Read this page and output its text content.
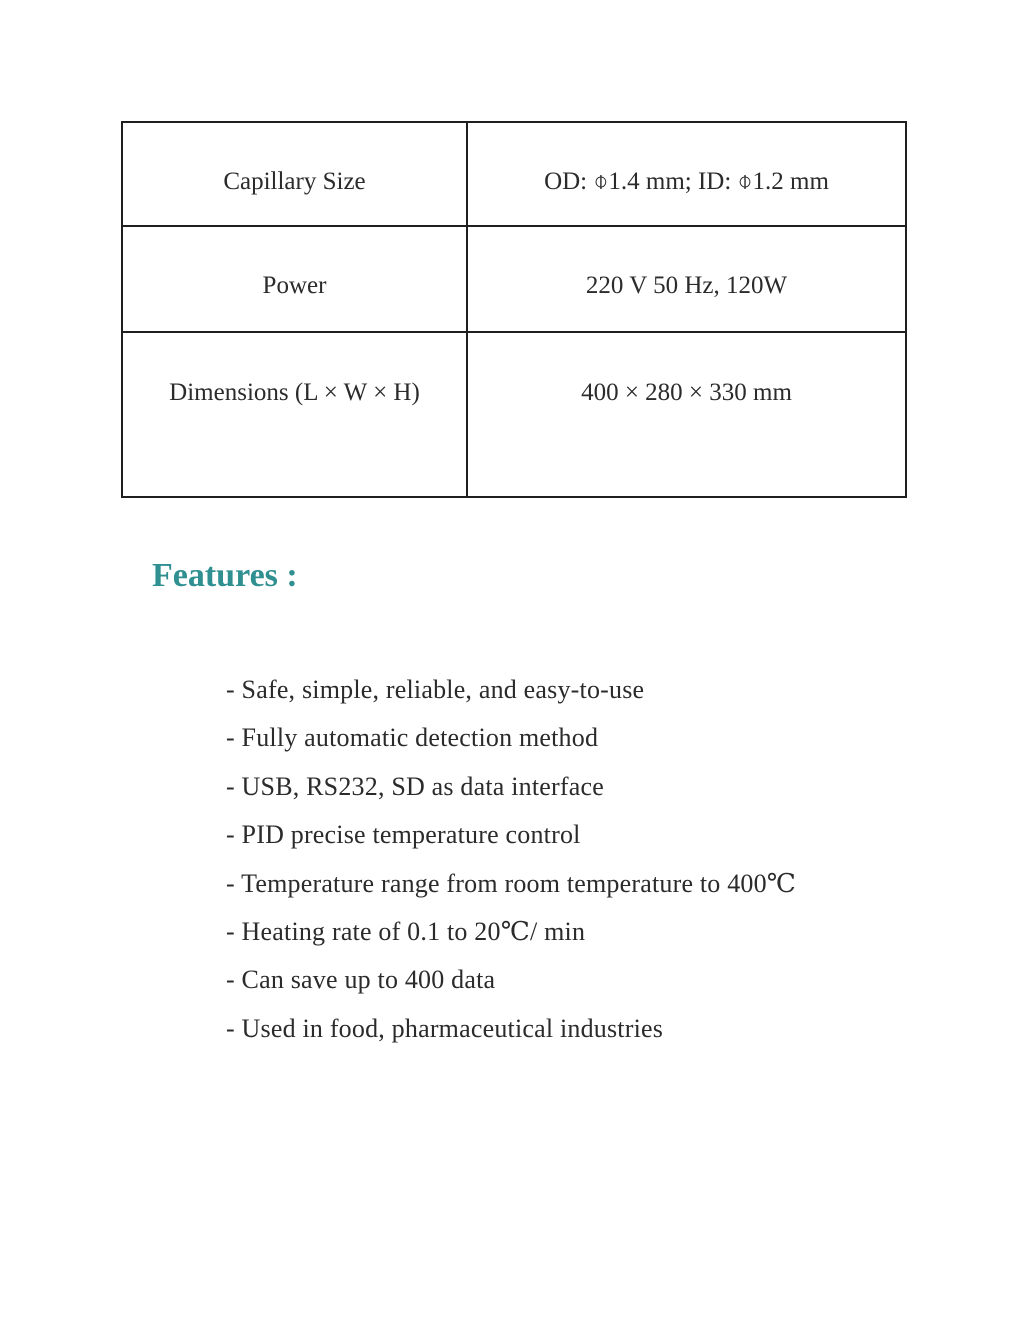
Capillary Size	OD: ⌽1.4 mm; ID: ⌽1.2 mm
Power	220 V 50 Hz, 120W
Dimensions (L × W × H)	400 × 280 × 330 mm
Features :
- Safe, simple, reliable, and easy-to-use
- Fully automatic detection method
- USB, RS232, SD as data interface
- PID precise temperature control
- Temperature range from room temperature to 400℃
- Heating rate of 0.1 to 20℃/ min
- Can save up to 400 data
- Used in food, pharmaceutical industries
